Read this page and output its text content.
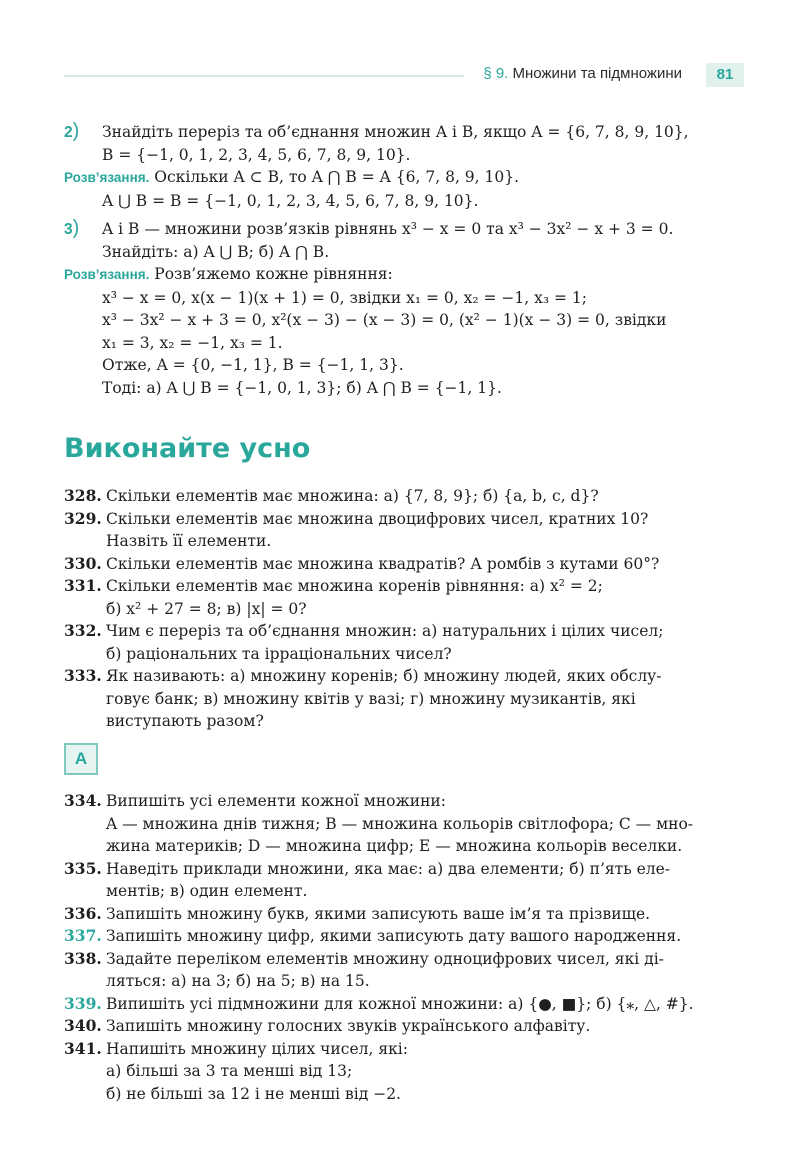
§ 9. Множини та підмножини	81
2) Знайдіть переріз та об’єднання множин A і B, якщо A = {6, 7, 8, 9, 10},
B = {−1, 0, 1, 2, 3, 4, 5, 6, 7, 8, 9, 10}.
Розв’язання. Оскільки A ⊂ B, то A ⋂ B = A {6, 7, 8, 9, 10}.
A ⋃ B = B = {−1, 0, 1, 2, 3, 4, 5, 6, 7, 8, 9, 10}.
3) A і B — множини розв’язків рівнянь x³ − x = 0 та x³ − 3x² − x + 3 = 0.
Знайдіть: а) A ⋃ B; б) A ⋂ B.
Розв’язання. Розв’яжемо кожне рівняння:
x³ − x = 0, x(x − 1)(x + 1) = 0, звідки x₁ = 0, x₂ = −1, x₃ = 1;
x³ − 3x² − x + 3 = 0, x²(x − 3) − (x − 3) = 0, (x² − 1)(x − 3) = 0, звідки
x₁ = 3, x₂ = −1, x₃ = 1.
Отже, A = {0, −1, 1}, B = {−1, 1, 3}.
Тоді: а) A ⋃ B = {−1, 0, 1, 3}; б) A ⋂ B = {−1, 1}.
Виконайте усно
328. Скільки елементів має множина: а) {7, 8, 9}; б) {a, b, c, d}?
329. Скільки елементів має множина двоцифрових чисел, кратних 10?
Назвіть її елементи.
330. Скільки елементів має множина квадратів? А ромбів з кутами 60°?
331. Скільки елементів має множина коренів рівняння: а) x² = 2;
б) x² + 27 = 8; в) |x| = 0?
332. Чим є переріз та об’єднання множин: а) натуральних і цілих чисел;
б) раціональних та ірраціональних чисел?
333. Як називають: а) множину коренів; б) множину людей, яких обслу-
говує банк; в) множину квітів у вазі; г) множину музикантів, які
виступають разом?
А
334. Випишіть усі елементи кожної множини:
A — множина днів тижня; B — множина кольорів світлофора; C — мно-
жина материків; D — множина цифр; E — множина кольорів веселки.
335. Наведіть приклади множини, яка має: а) два елементи; б) п’ять еле-
ментів; в) один елемент.
336. Запишіть множину букв, якими записують ваше ім’я та прізвище.
337. Запишіть множину цифр, якими записують дату вашого народження.
338. Задайте переліком елементів множину одноцифрових чисел, які ді-
ляться: а) на 3; б) на 5; в) на 15.
339. Випишіть усі підмножини для кожної множини: а) {●, ■}; б) {⁎, △, #}.
340. Запишіть множину голосних звуків українського алфавіту.
341. Напишіть множину цілих чисел, які:
а) більші за 3 та менші від 13;
б) не більші за 12 і не менші від −2.
